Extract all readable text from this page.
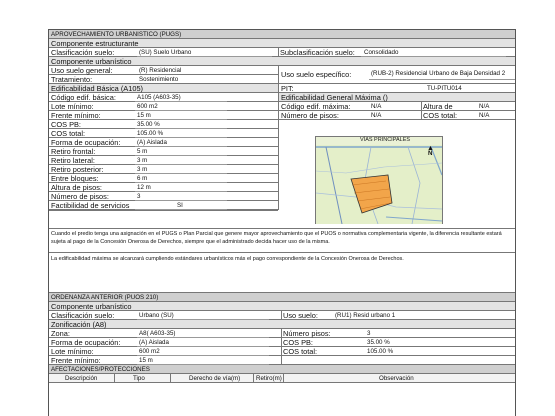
APROVECHAMIENTO URBANISTICO (PUGS)
Componente estructurante
Clasificación suelo:	(SU) Suelo Urbano	Subclasificación suelo: Consolidado
Componente urbanístico
Uso suelo general:	(R) Residencial	Uso suelo específico:	(RUB-2) Residencial Urbano de Baja Densidad 2
Tratamiento:	Sostenimiento
Edificabilidad Básica (A105)	PIT:	TU-PITU014
Edificabilidad General Máxima ()
Código edif. máxima:	N/A	Altura de	N/A
Número de pisos:	N/A	COS total:	N/A
Código edif. básica:	A105 (A603-35)
Lote mínimo:	600 m2
Frente mínimo:	15 m
COS PB:	35.00 %
COS total:	105.00 %
Forma de ocupación:	(A) Aislada
Retiro frontal:	5 m
Retiro lateral:	3 m
Retiro posterior:	3 m
Entre bloques:	6 m
Altura de pisos:	12 m
Número de pisos:	3
Factibilidad de servicios	SI
VÍAS PRINCIPALES
▲
N
Cuando el predio tenga una asignación en el PUGS o Plan Parcial que genere mayor aprovechamiento que el PUOS o normativa complementaria vigente, la diferencia resultante estará sujeta al pago de la Concesión Onerosa de Derechos, siempre que el administrado decida hacer uso de la misma.
La edificabilidad máxima se alcanzará cumpliendo estándares urbanísticos más el pago correspondiente de la Concesión Onerosa de Derechos.
ORDENANZA ANTERIOR (PUOS 210)
Componente urbanístico
Clasificación suelo:	Urbano (SU)	Uso suelo:	(RU1) Resid urbano 1
Zonificación (A8)
Zona:	A8( A603-35)	Número pisos:	3
Forma de ocupación:	(A) Aislada	COS PB:	35.00 %
Lote mínimo:	600 m2	COS total:	105.00 %
Frente mínimo:	15 m
AFECTACIONES/PROTECCIONES
Descripción	Tipo	Derecho de vía(m)	Retiro(m)	Observación
